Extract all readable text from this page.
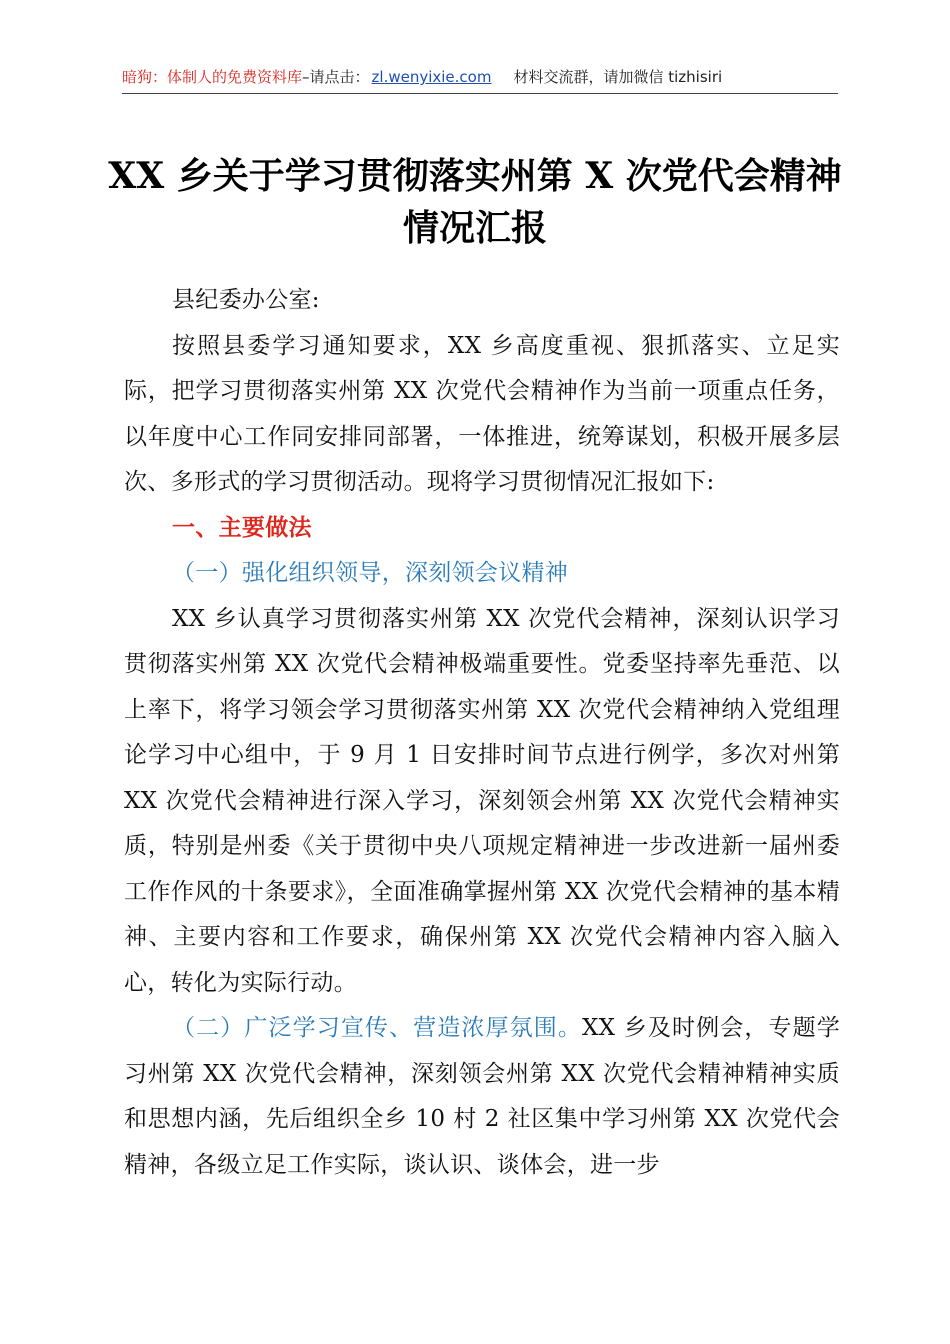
暗狗：体制人的免费资料库–请点击： zl.wenyixie.com 材料交流群，请加微信 tizhisiri
XX 乡关于学习贯彻落实州第 X 次党代会精神
情况汇报

县纪委办公室:

按照县委学习通知要求，XX 乡高度重视、狠抓落实、立足实际，把学习贯彻落实州第 XX 次党代会精神作为当前一项重点任务，以年度中心工作同安排同部署，一体推进，统筹谋划，积极开展多层次、多形式的学习贯彻活动。现将学习贯彻情况汇报如下:

一、主要做法

（一）强化组织领导，深刻领会议精神

XX 乡认真学习贯彻落实州第 XX 次党代会精神，深刻认识学习贯彻落实州第 XX 次党代会精神极端重要性。党委坚持率先垂范、以上率下，将学习领会学习贯彻落实州第 XX 次党代会精神纳入党组理论学习中心组中，于 9 月 1 日安排时间节点进行例学，多次对州第 XX 次党代会精神进行深入学习，深刻领会州第 XX 次党代会精神实质，特别是州委《关于贯彻中央八项规定精神进一步改进新一届州委工作作风的十条要求》，全面准确掌握州第 XX 次党代会精神的基本精神、主要内容和工作要求，确保州第 XX 次党代会精神内容入脑入心，转化为实际行动。

（二）广泛学习宣传、营造浓厚氛围。XX 乡及时例会，专题学习州第 XX 次党代会精神，深刻领会州第 XX 次党代会精神精神实质和思想内涵，先后组织全乡 10 村 2 社区集中学习州第 XX 次党代会精神，各级立足工作实际，谈认识、谈体会，进一步
